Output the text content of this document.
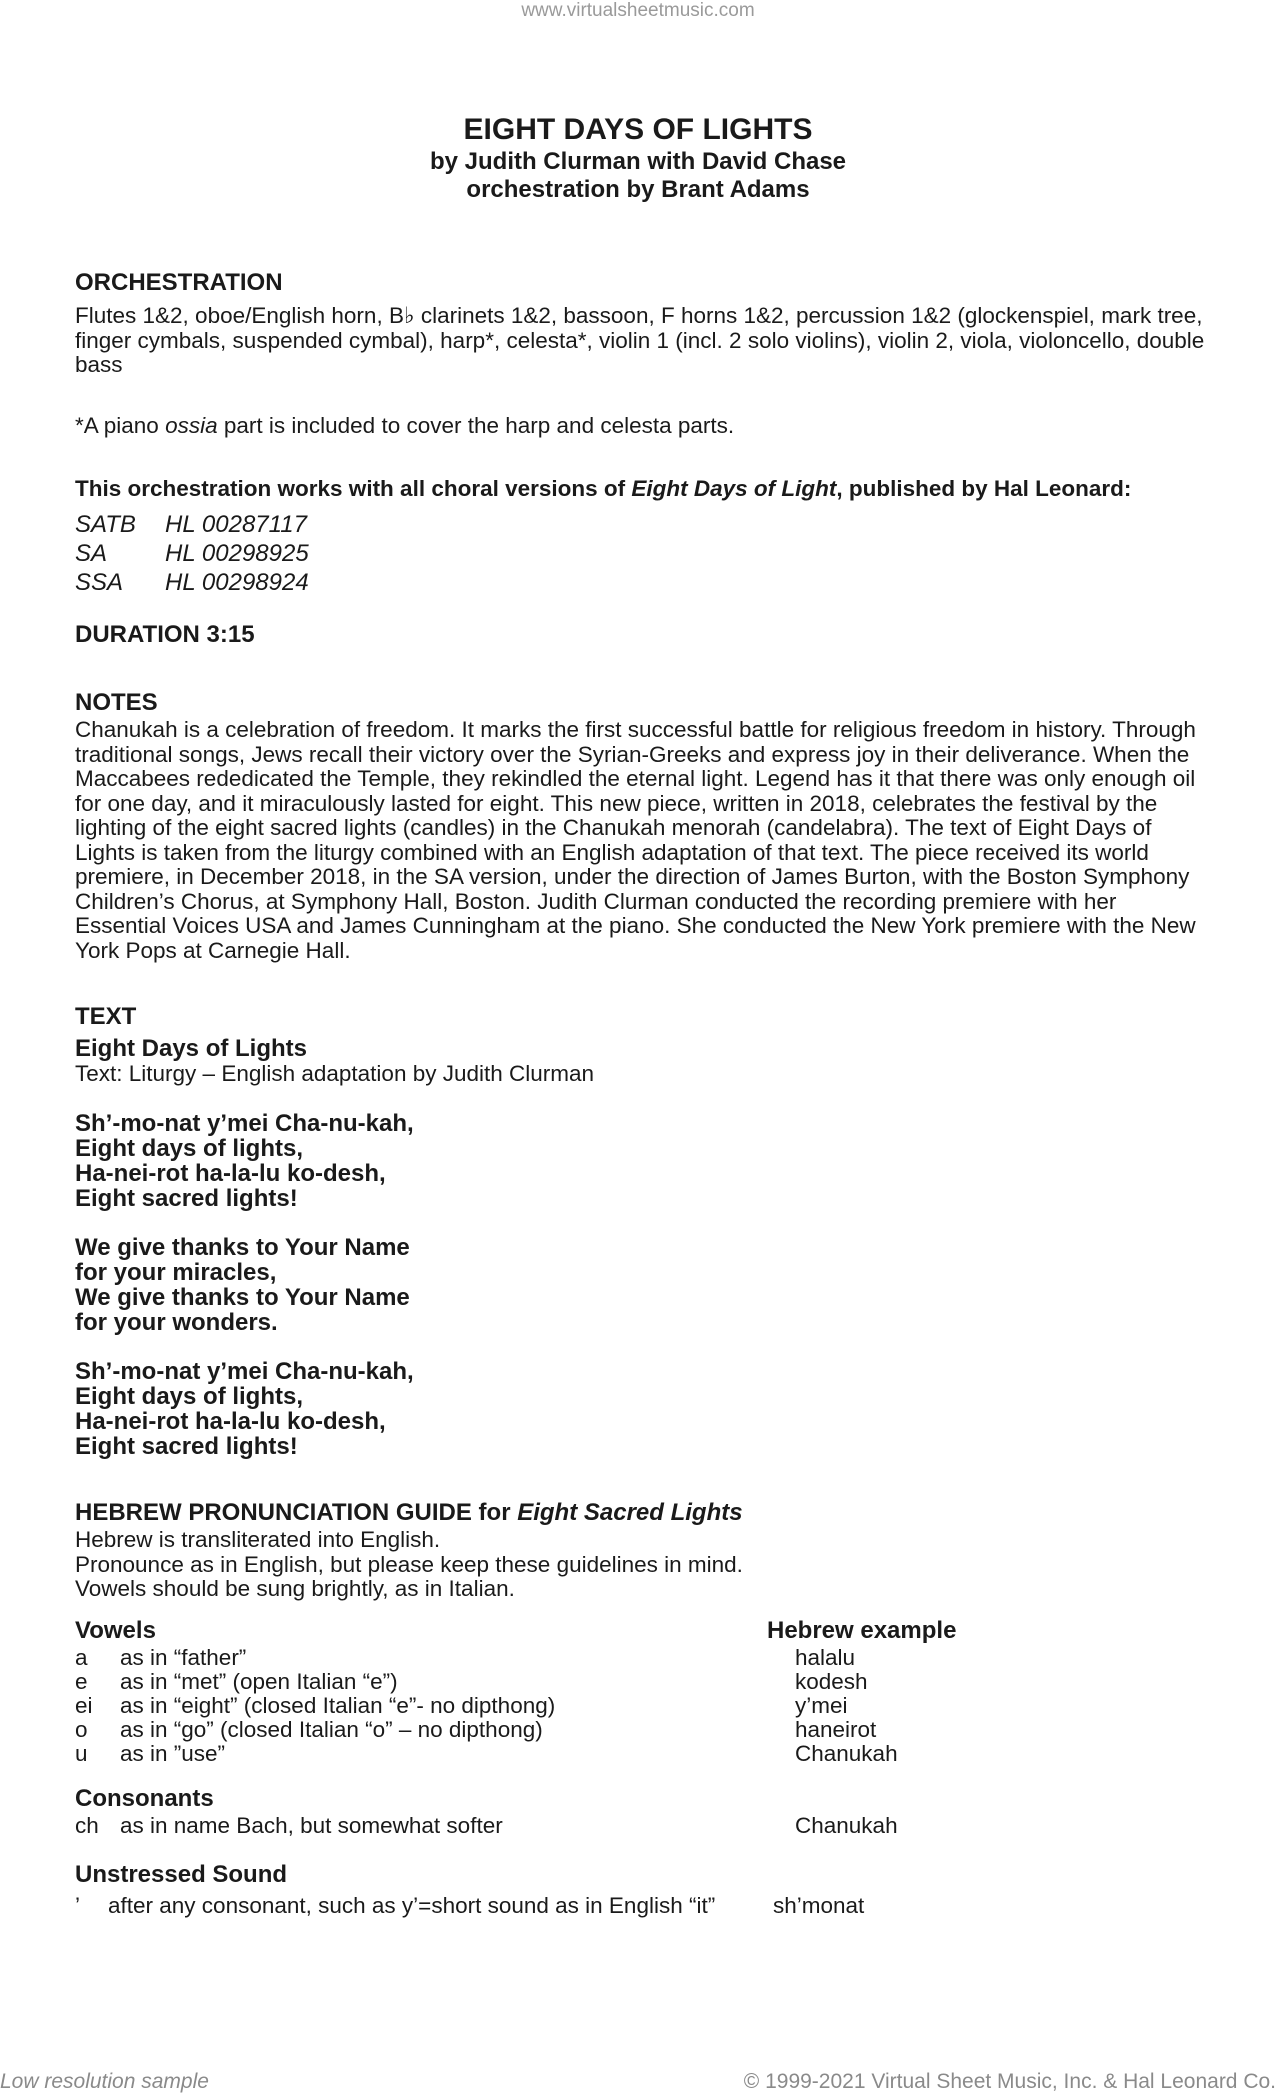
www.virtualsheetmusic.com
EIGHT DAYS OF LIGHTS
by Judith Clurman with David Chase
orchestration by Brant Adams
ORCHESTRATION
Flutes 1&2, oboe/English horn, B♭ clarinets 1&2, bassoon, F horns 1&2, percussion 1&2 (glockenspiel, mark tree, finger cymbals, suspended cymbal), harp*, celesta*, violin 1 (incl. 2 solo violins), violin 2, viola, violoncello, double bass
*A piano ossia part is included to cover the harp and celesta parts.
This orchestration works with all choral versions of Eight Days of Light, published by Hal Leonard:
SATB	HL 00287117
SA	HL 00298925
SSA	HL 00298924
DURATION 3:15
NOTES
Chanukah is a celebration of freedom. It marks the first successful battle for religious freedom in history. Through traditional songs, Jews recall their victory over the Syrian-Greeks and express joy in their deliverance. When the Maccabees rededicated the Temple, they rekindled the eternal light. Legend has it that there was only enough oil for one day, and it miraculously lasted for eight. This new piece, written in 2018, celebrates the festival by the lighting of the eight sacred lights (candles) in the Chanukah menorah (candelabra). The text of Eight Days of Lights is taken from the liturgy combined with an English adaptation of that text. The piece received its world premiere, in December 2018, in the SA version, under the direction of James Burton, with the Boston Symphony Children’s Chorus, at Symphony Hall, Boston. Judith Clurman conducted the recording premiere with her Essential Voices USA and James Cunningham at the piano. She conducted the New York premiere with the New York Pops at Carnegie Hall.
TEXT
Eight Days of Lights
Text: Liturgy – English adaptation by Judith Clurman
Sh’-mo-nat y’mei Cha-nu-kah,
Eight days of lights,
Ha-nei-rot ha-la-lu ko-desh,
Eight sacred lights!
We give thanks to Your Name
for your miracles,
We give thanks to Your Name
for your wonders.
Sh’-mo-nat y’mei Cha-nu-kah,
Eight days of lights,
Ha-nei-rot ha-la-lu ko-desh,
Eight sacred lights!
HEBREW PRONUNCIATION GUIDE for Eight Sacred Lights
Hebrew is transliterated into English.
Pronounce as in English, but please keep these guidelines in mind.
Vowels should be sung brightly, as in Italian.
Vowels	Hebrew example
a	as in “father”	halalu
e	as in “met” (open Italian “e”)	kodesh
ei	as in “eight” (closed Italian “e”- no dipthong)	y’mei
o	as in “go” (closed Italian “o” – no dipthong)	haneirot
u	as in ”use”	Chanukah
Consonants
ch as in name Bach, but somewhat softer	Chanukah
Unstressed Sound
’	after any consonant, such as y’=short sound as in English “it”	sh’monat
Low resolution sample	© 1999-2021 Virtual Sheet Music, Inc. & Hal Leonard Co.
